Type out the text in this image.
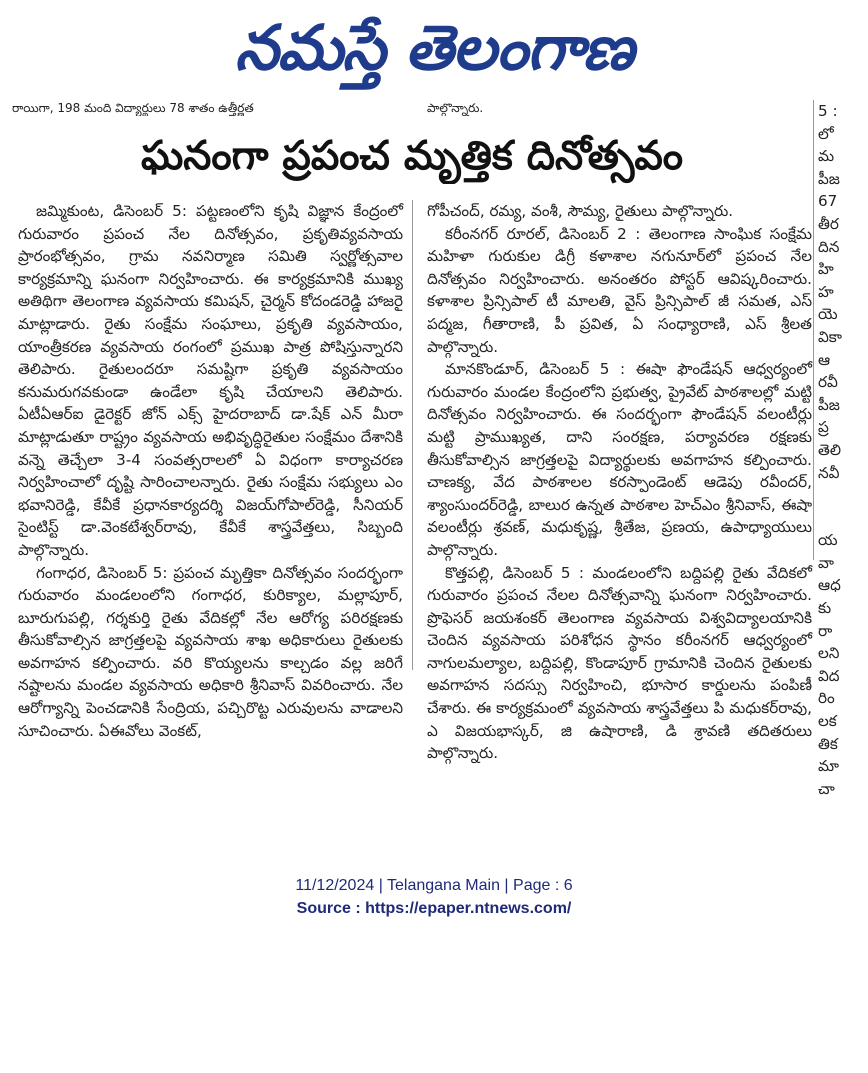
నమస్తే తెలంగాణ
రాయిగా, 198 మంది విద్యార్థులు 78 శాతం ఉత్తీర్ణత	పాల్గొన్నారు.
ఘనంగా ప్రపంచ మృత్తిక దినోత్సవం

జమ్మికుంట, డిసెంబర్ 5: పట్టణంలోని కృషి విజ్ఞాన కేంద్రంలో గురువారం ప్రపంచ నేల దినోత్సవం, ప్రకృతివ్యవసాయ ప్రారంభోత్సవం, గ్రామ నవనిర్మాణ సమితి స్వర్ణోత్సవాల కార్యక్రమాన్ని ఘనంగా నిర్వహించారు. ఈ కార్యక్రమానికి ముఖ్య అతిథిగా తెలంగాణ వ్యవసాయ కమిషన్, చైర్మన్ కోదండరెడ్డి హాజరై మాట్లాడారు. రైతు సంక్షేమ సంఘాలు, ప్రకృతి వ్యవసాయం, యాంత్రీకరణ వ్యవసాయ రంగంలో ప్రముఖ పాత్ర పోషిస్తున్నారని తెలిపారు. రైతులందరూ సమష్టిగా ప్రకృతి వ్యవసాయం కనుమరుగవకుండా ఉండేలా కృషి చేయాలని తెలిపారు. ఏటీఏఆర్ఐ డైరెక్టర్ జోన్ ఎక్స్ హైదరాబాద్ డా.షేక్ ఎన్ మీరా మాట్లాడుతూ రాష్ట్రం వ్యవసాయ అభివృద్ధిరైతుల సంక్షేమం దేశానికి వన్నె తెచ్చేలా 3-4 సంవత్సరాలలో ఏ విధంగా కార్యాచరణ నిర్వహించాలో దృష్టి సారించాలన్నారు. రైతు సంక్షేమ సభ్యులు ఎం భవానిరెడ్డి, కేవీకే ప్రధానకార్యదర్శి విజయ్‌గోపాల్‌రెడ్డి, సీనియర్ సైంటిస్ట్ డా.వెంకటేశ్వర్‌రావు, కేవీకే శాస్త్రవేత్తలు, సిబ్బంది పాల్గొన్నారు.

గంగాధర, డిసెంబర్ 5: ప్రపంచ మృత్తికా దినోత్సవం సందర్భంగా గురువారం మండలంలోని గంగాధర, కురిక్యాల, మల్లాపూర్, బూరుగుపల్లి, గర్శకుర్తి రైతు వేదికల్లో నేల ఆరోగ్య పరిరక్షణకు తీసుకోవాల్సిన జాగ్రత్తలపై వ్యవసాయ శాఖ అధికారులు రైతులకు అవగాహన కల్పించారు. వరి కొయ్యలను కాల్చడం వల్ల జరిగే నష్టాలను మండల వ్యవసాయ అధికారి శ్రీనివాస్ వివరించారు. నేల ఆరోగ్యాన్ని పెంచడానికి సేంద్రియ, పచ్చిరొట్ట ఎరువులను వాడాలని సూచించారు. ఏఈవోలు వెంకట్,

గోపీచంద్, రమ్య, వంశీ, సౌమ్య, రైతులు పాల్గొన్నారు.

కరీంనగర్ రూరల్, డిసెంబర్ 2 : తెలంగాణ సాంఘిక సంక్షేమ మహిళా గురుకుల డిగ్రీ కళాశాల నగునూర్‌లో ప్రపంచ నేల దినోత్సవం నిర్వహించారు. అనంతరం పోస్టర్ ఆవిష్కరించారు. కళాశాల ప్రిన్సిపాల్ టీ మాలతి, వైస్ ప్రిన్సిపాల్ జీ సమత, ఎస్ పద్మజ, గీతారాణి, పీ ప్రవిత, ఏ సంధ్యారాణి, ఎస్ శ్రీలత పాల్గొన్నారు.

మానకొండూర్, డిసెంబర్ 5 : ఈషా ఫౌండేషన్ ఆధ్వర్యంలో గురువారం మండల కేంద్రంలోని ప్రభుత్వ, ప్రైవేట్ పాఠశాలల్లో మట్టి దినోత్సవం నిర్వహించారు. ఈ సందర్భంగా ఫౌండేషన్ వలంటీర్లు మట్టి ప్రాముఖ్యత, దాని సంరక్షణ, పర్యావరణ రక్షణకు తీసుకోవాల్సిన జాగ్రత్తలపై విద్యార్థులకు అవగాహన కల్పించారు. చాణక్య, వేద పాఠశాలల కరస్పాండెంట్ ఆడెపు రవీందర్, శ్యాంసుందర్‌రెడ్డి, బాలుర ఉన్నత పాఠశాల హెచ్‌ఎం శ్రీనివాస్, ఈషా వలంటీర్లు శ్రవణ్, మధుకృష్ణ, శ్రీతేజ, ప్రణయ, ఉపాధ్యాయులు పాల్గొన్నారు.

కొత్తపల్లి, డిసెంబర్ 5 : మండలంలోని బద్దిపల్లి రైతు వేదికలో గురువారం ప్రపంచ నేలల దినోత్సవాన్ని ఘనంగా నిర్వహించారు. ప్రొఫెసర్ జయశంకర్ తెలంగాణ వ్యవసాయ విశ్వవిద్యాలయానికి చెందిన వ్యవసాయ పరిశోధన స్థానం కరీంనగర్ ఆధ్వర్యంలో నాగులమల్యాల, బద్దిపల్లి, కొండాపూర్ గ్రామానికి చెందిన రైతులకు అవగాహన సదస్సు నిర్వహించి, భూసార కార్డులను పంపిణీ చేశారు. ఈ కార్యక్రమంలో వ్యవసాయ శాస్త్రవేత్తలు పి మధుకర్‌రావు, ఎ విజయభాస్కర్, జి ఉషారాణి, డి శ్రావణి తదితరులు పాల్గొన్నారు.

5 :
లో
మ
పీజ
67
తీర
దిన
హి
హ
యె
వికా
ఆ
రవీ
పీజ
ప్ర
తెలి
నవీ

య
వా
ఆధ
కు
రా
లని
విద
రిం
లక
తిక
మా
చా
11/12/2024 | Telangana Main | Page : 6
Source : https://epaper.ntnews.com/
